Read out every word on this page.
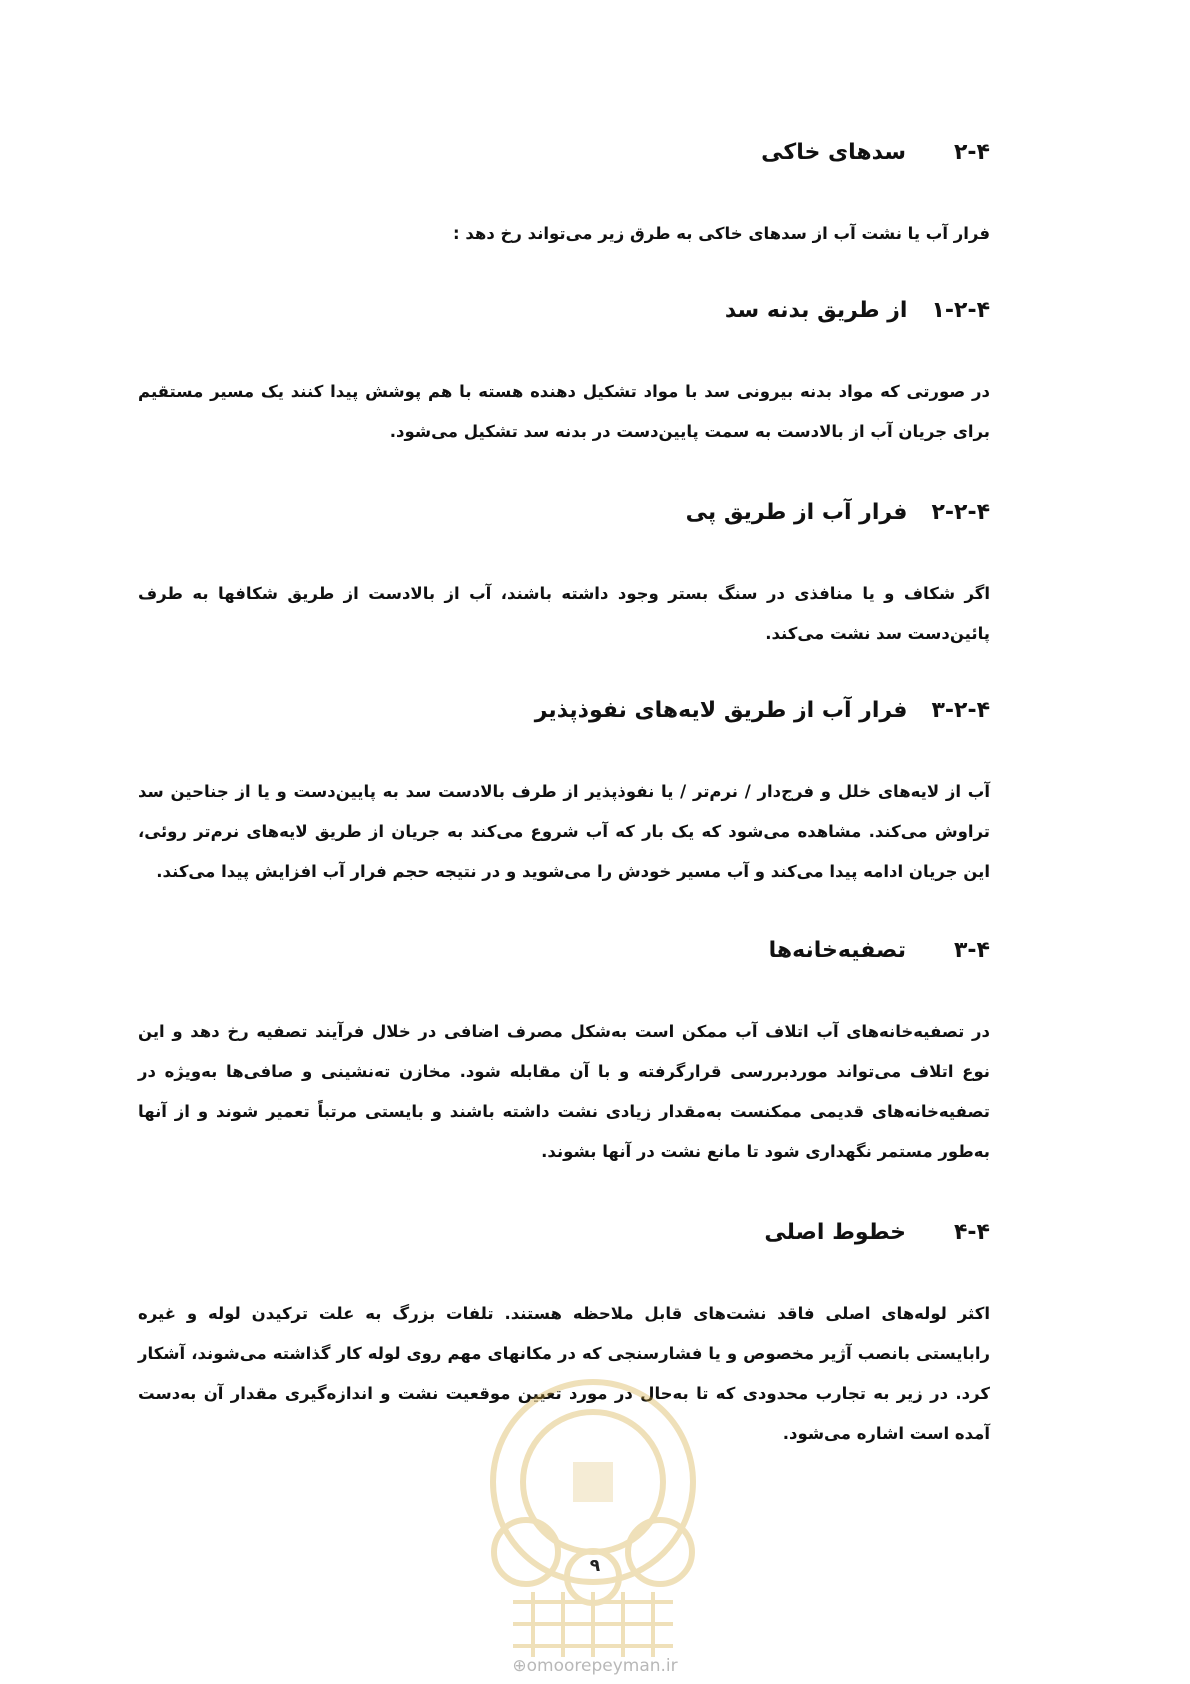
۲-۴سدهای خاکی

فرار آب یا نشت آب از سدهای خاکی به طرق زیر می‌تواند رخ دهد :

۱-۲-۴از طریق بدنه سد

در صورتی که مواد بدنه بیرونی سد با مواد تشکیل دهنده هسته با هم پوشش پیدا کنند یک مسیر مستقیم برای جریان آب از بالادست به سمت پایین‌دست در بدنه سد تشکیل می‌شود.

۲-۲-۴فرار آب از طریق پی

اگر شکاف و یا منافذی در سنگ بستر وجود داشته باشند، آب از بالادست از طریق شکافها به طرف پائین‌دست سد نشت می‌کند.

۳-۲-۴فرار آب از طریق لایه‌های نفوذپذیر

آب از لایه‌های خلل و فرج‌دار / نرم‌تر / یا نفوذپذیر از طرف بالادست سد به پایین‌دست و یا از جناحین سد تراوش می‌کند. مشاهده می‌شود که یک بار که آب شروع می‌کند به جریان از طریق لایه‌های نرم‌تر روئی، این جریان ادامه پیدا می‌کند و آب مسیر خودش را می‌شوید و در نتیجه حجم فرار آب افزایش پیدا می‌کند.

۳-۴تصفیه‌خانه‌ها

در تصفیه‌خانه‌های آب اتلاف آب ممکن است به‌شکل مصرف اضافی در خلال فرآیند تصفیه رخ دهد و این نوع اتلاف می‌تواند موردبررسی قرارگرفته و با آن مقابله شود. مخازن تەنشینی و صافی‌ها به‌ویژه در تصفیه‌خانه‌های قدیمی ممکنست به‌مقدار زیادی نشت داشته باشند و بایستی مرتباً تعمیر شوند و از آنها به‌طور مستمر نگهداری شود تا مانع نشت در آنها بشوند.

۴-۴خطوط اصلی

اکثر لوله‌های اصلی فاقد نشت‌های قابل ملاحظه هستند. تلفات بزرگ به علت ترکیدن لوله و غیره رابایستی بانصب آژیر مخصوص و یا فشارسنجی که در مکانهای مهم روی لوله کار گذاشته می‌شوند، آشکار کرد. در زیر به تجارب محدودی که تا به‌حال در مورد تعیین موقعیت نشت و اندازه‌گیری مقدار آن به‌دست آمده است اشاره می‌شود.

۹
⊕omoorepeyman.ir
